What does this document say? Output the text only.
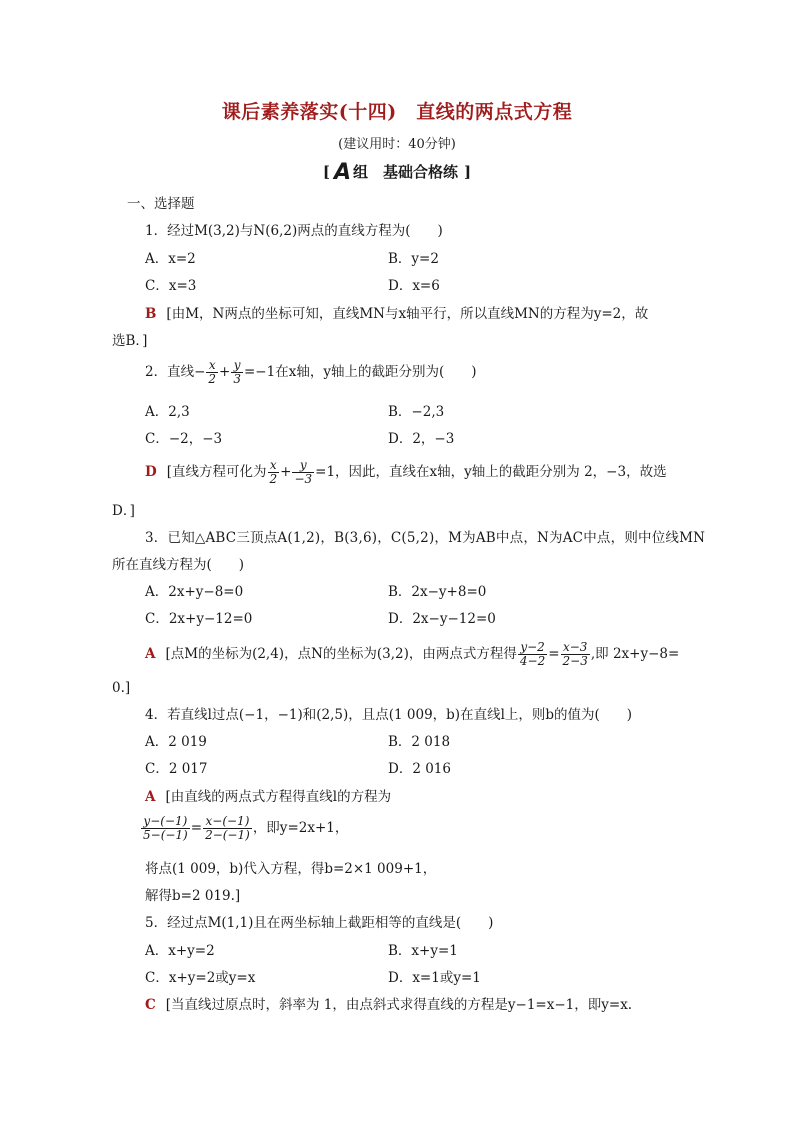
课后素养落实(十四)　直线的两点式方程
(建议用时：40分钟)
[ A 组　基础合格练 ]
一、选择题
1．经过M(3,2)与N(6,2)两点的直线方程为(　　)
A．x=2	B．y=2
C．x=3	D．x=6
B [由M，N两点的坐标可知，直线MN与x轴平行，所以直线MN的方程为y=2，故
选B．]
2．直线− $\frac{x}{2} + \frac{y}{3} =-1$在x轴，y轴上的截距分别为(　　)
A．2,3	B．−2,3
C．−2，−3	D．2，−3
D [直线方程可化为 $\frac{x}{2} + \frac{y}{-3} =1$，因此，直线在x轴，y轴上的截距分别为 2，−3，故选
D．]
3．已知△ABC三顶点A(1,2)，B(3,6)，C(5,2)，M为AB中点，N为AC中点，则中位线MN
所在直线方程为(　　)
A．2x+y−8=0	B．2x−y+8=0
C．2x+y−12=0	D．2x−y−12=0
A [点M的坐标为(2,4)，点N的坐标为(3,2)，由两点式方程得 $\frac{y-2}{4-2} = \frac{x-3}{2-3}$ ,即 2x+y−8=
0.]
4．若直线l过点(−1，−1)和(2,5)，且点(1 009，b)在直线l上，则b的值为(　　)
A．2 019	B．2 018
C．2 017	D．2 016
A [由直线的两点式方程得直线l的方程为
$\frac{y-(-1)}{5-(-1)} = \frac{x-(-1)}{2-(-1)}$ ，即y=2x+1，
将点(1 009，b)代入方程，得b=2×1 009+1，
解得b=2 019.]
5．经过点M(1,1)且在两坐标轴上截距相等的直线是(　　)
A．x+y=2	B．x+y=1
C．x+y=2或y=x	D．x=1或y=1
C [当直线过原点时，斜率为 1，由点斜式求得直线的方程是y−1=x−1，即y=x.
